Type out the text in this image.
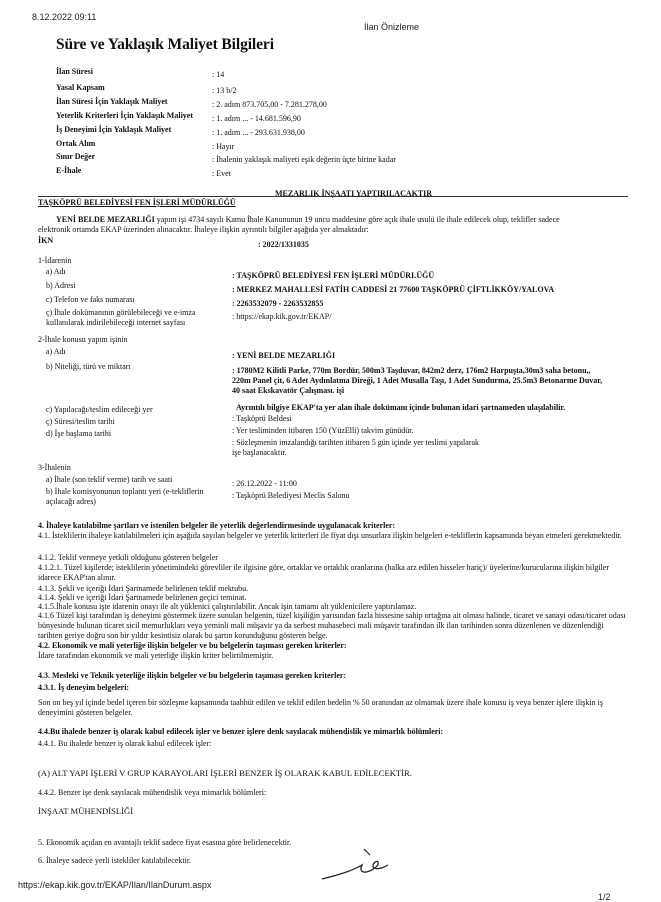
8.12.2022 09:11
İlan Önizleme
Süre ve Yaklaşık Maliyet Bilgileri
İlan Süresi	: 14
Yasal Kapsam	: 13 b/2
İlan Süresi İçin Yaklaşık Maliyet	: 2. adım 873.705,00 - 7.281.278,00
Yeterlik Kriterleri İçin Yaklaşık Maliyet : 1. adım ... - 14.681.596,90
İş Deneyimi İçin Yaklaşık Maliyet	: 1. adım ... - 293.631.938,00
Ortak Alım	: Hayır
Sınır Değer	: İhalenin yaklaşık maliyeti eşik değerin üçte birine kadar
E-İhale	: Evet
MEZARLIK İNŞAATI YAPTIRILACAKTIR
TAŞKÖPRÜ BELEDİYESİ FEN İŞLERİ MÜDÜRLÜĞÜ
YENİ BELDE MEZARLIĞI yapım işi 4734 sayılı Kamu İhale Kanununun 19 uncu maddesine göre açık ihale usulü ile ihale edilecek olup, teklifler sadece
elektronik ortamda EKAP üzerinden alınacaktır. İhaleye ilişkin ayrıntılı bilgiler aşağıda yer almaktadır:
İKN	: 2022/1331035
1-İdarenin
a) Adı	: TAŞKÖPRÜ BELEDİYESİ FEN İŞLERİ MÜDÜRLÜĞÜ
b) Adresi	: MERKEZ MAHALLESİ FATİH CADDESİ 21 77600 TAŞKÖPRÜ ÇİFTLİKKÖY/YALOVA
c) Telefon ve faks numarası	: 2263532079 - 2263532855
ç) İhale dokümanının görülebileceği ve e-imza kullanılarak indirilebileceği internet sayfası
: https://ekap.kik.gov.tr/EKAP/
2-İhale konusu yapım işinin
a) Adı	: YENİ BELDE MEZARLIĞI
b) Niteliği, türü ve miktarı	: 1780M2 Kilitli Parke, 770m Bordür, 500m3 Taşduvar, 842m2 derz, 176m2 Harpuşta,30m3 saha betonu,, 220m Panel çit, 6 Adet Aydınlatma Direği, 1 Adet Musalla Taşı, 1 Adet Sundurma, 25.5m3 Betonarme Duvar, 40 saat Ekskavatör Çalışması. işi
Ayrıntılı bilgiye EKAP'ta yer alan ihale dokümanı içinde bulunan idari şartnameden ulaşılabilir.
c) Yapılacağı/teslim edileceği yer
: Taşköprü Beldesi
ç) Süresi/teslim tarihi
: Yer tesliminden itibaren 150 (YüzElli) takvim günüdür.
d) İşe başlama tarihi
: Sözleşmenin imzalandığı tarihten itibaren 5 gün içinde yer teslimi yapılarak işe başlanacaktır.
3-İhalenin
a) İhale (son teklif verme) tarih ve saati	: 26.12.2022 - 11:00
b) İhale komisyonunun toplantı yeri (e-tekliflerin açılacağı adres)
: Taşköprü Belediyesi Meclis Salonu
4. İhaleye katılabilme şartları ve istenilen belgeler ile yeterlik değerlendirmesinde uygulanacak kriterler:
4.1. İsteklilerin ihaleye katılabilmeleri için aşağıda sayılan belgeler ve yeterlik kriterleri ile fiyat dışı unsurlara ilişkin belgeleri e-tekliflerin kapsamında beyan etmeleri gerekmektedir.
4.1.2. Teklif vermeye yetkili olduğunu gösteren belgeler
4.1.2.1. Tüzel kişilerde; isteklilerin yönetimindeki görevliler ile ilgisine göre, ortaklar ve ortaklık oranlarına (halka arz edilen hisseler hariç)/ üyelerine/kurucularına ilişkin bilgiler idarece EKAP'tan alınır.
4.1.3. Şekli ve içeriği İdari Şartnamede belirlenen teklif mektubu.
4.1.4. Şekli ve içeriği İdari Şartnamede belirlenen geçici teminat.
4.1.5.İhale konusu işte idarenin onayı ile alt yüklenici çalıştırılabilir. Ancak işin tamamı alt yüklenicilere yaptırılamaz.
4.1.6 Tüzel kişi tarafından iş deneyimi göstermek üzere sunulan belgenin, tüzel kişiliğin yarısından fazla hissesine sahip ortağına ait olması halinde, ticaret ve sanayi odası/ticaret odası bünyesinde bulunan ticaret sicil memurlukları veya yeminli mali müşavir ya da serbest muhasebeci mali müşavir tarafından ilk ilan tarihinden sonra düzenlenen ve düzenlendiği tarihten geriye doğru son bir yıldır kesintisiz olarak bu şartın korunduğunu gösteren belge.
4.2. Ekonomik ve mali yeterliğe ilişkin belgeler ve bu belgelerin taşıması gereken kriterler:
İdare tarafından ekonomik ve mali yeterliğe ilişkin kriter belirtilmemiştir.
4.3. Mesleki ve Teknik yeterliğe ilişkin belgeler ve bu belgelerin taşıması gereken kriterler:
4.3.1. İş deneyim belgeleri:
Son on beş yıl içinde bedel içeren bir sözleşme kapsamında taahhüt edilen ve teklif edilen bedelin % 50 oranından az olmamak üzere ihale konusu iş veya benzer işlere ilişkin iş deneyimini gösteren belgeler.
4.4.Bu ihalede benzer iş olarak kabul edilecek işler ve benzer işlere denk sayılacak mühendislik ve mimarlık bölümleri:
4.4.1. Bu ihalede benzer iş olarak kabul edilecek işler:
(A) ALT YAPI İŞLERİ V GRUP KARAYOLARI İŞLERİ BENZER İŞ OLARAK KABUL EDİLECEKTİR.
4.4.2. Benzer işe denk sayılacak mühendislik veya mimarlık bölümleri:
İNŞAAT MÜHENDİSLİĞİ
5. Ekonomik açıdan en avantajlı teklif sadece fiyat esasına göre belirlenecektir.
6. İhaleye sadece yerli istekliler katılabilecektir.
https://ekap.kik.gov.tr/EKAP/Ilan/IlanDurum.aspx
1/2
